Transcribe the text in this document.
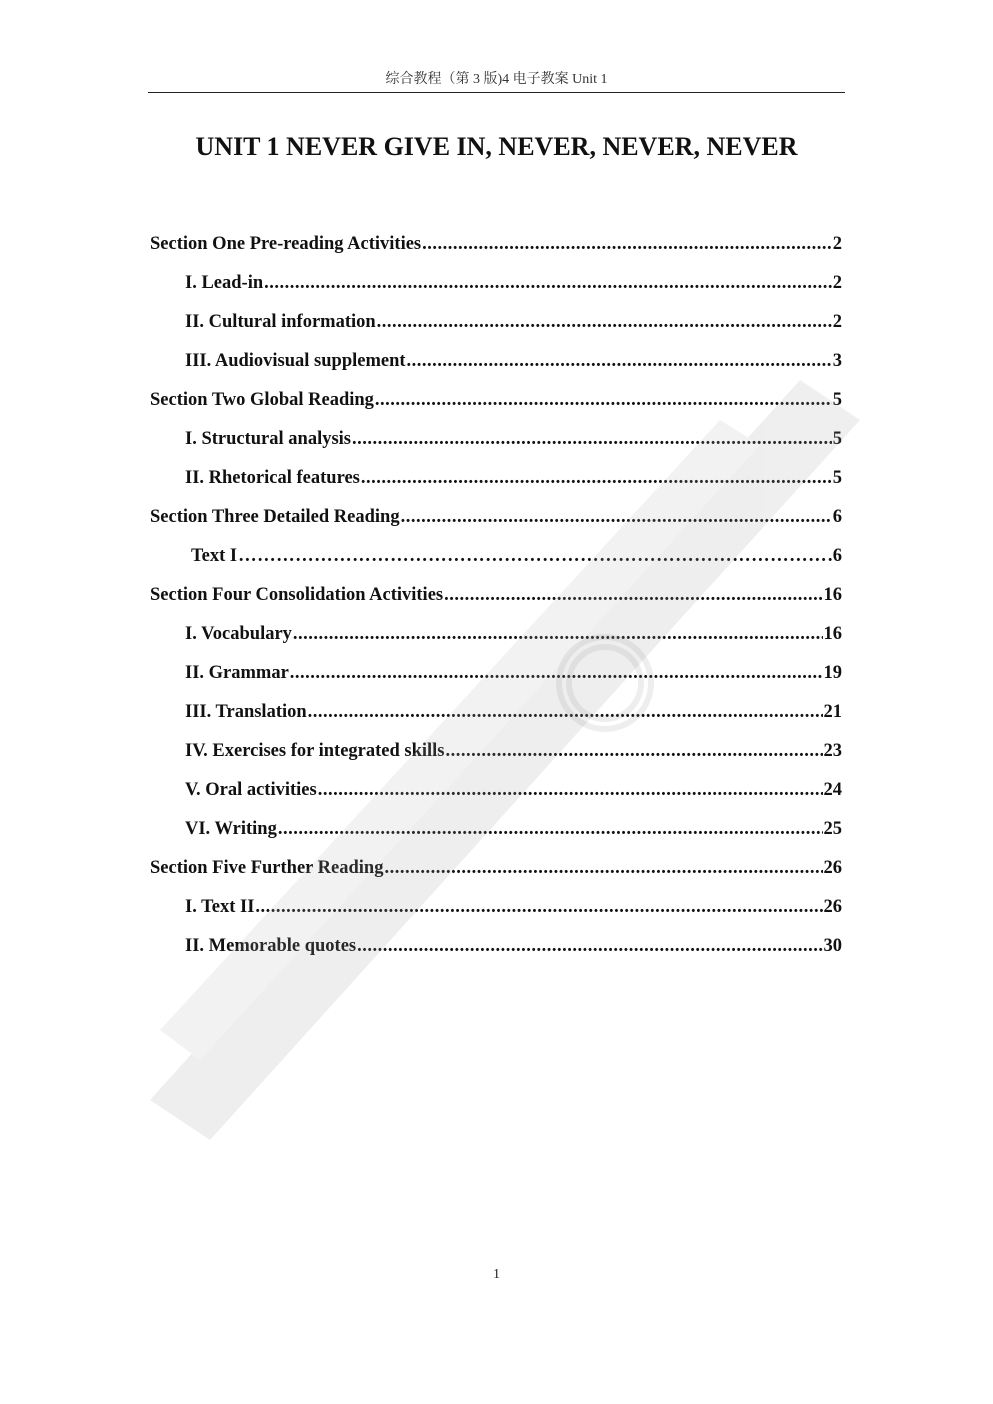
综合教程（第 3 版)4 电子教案 Unit 1
UNIT 1 NEVER GIVE IN, NEVER, NEVER, NEVER
Section One Pre-reading Activities .....	2
I. Lead-in .....	2
II. Cultural information .....	2
III. Audiovisual supplement .....	3
Section Two Global Reading .....	5
I. Structural analysis .....	5
II. Rhetorical features .....	5
Section Three Detailed Reading .....	6
Text I …………………………………………………………………………………………………………………………………………………………………………	6
Section Four Consolidation Activities .....	16
I. Vocabulary .....	16
II. Grammar .....	19
III. Translation .....	21
IV. Exercises for integrated skills .....	23
V. Oral activities .....	24
VI. Writing .....	25
Section Five Further Reading .....	26
I. Text II .....	26
II. Memorable quotes .....	30
1
